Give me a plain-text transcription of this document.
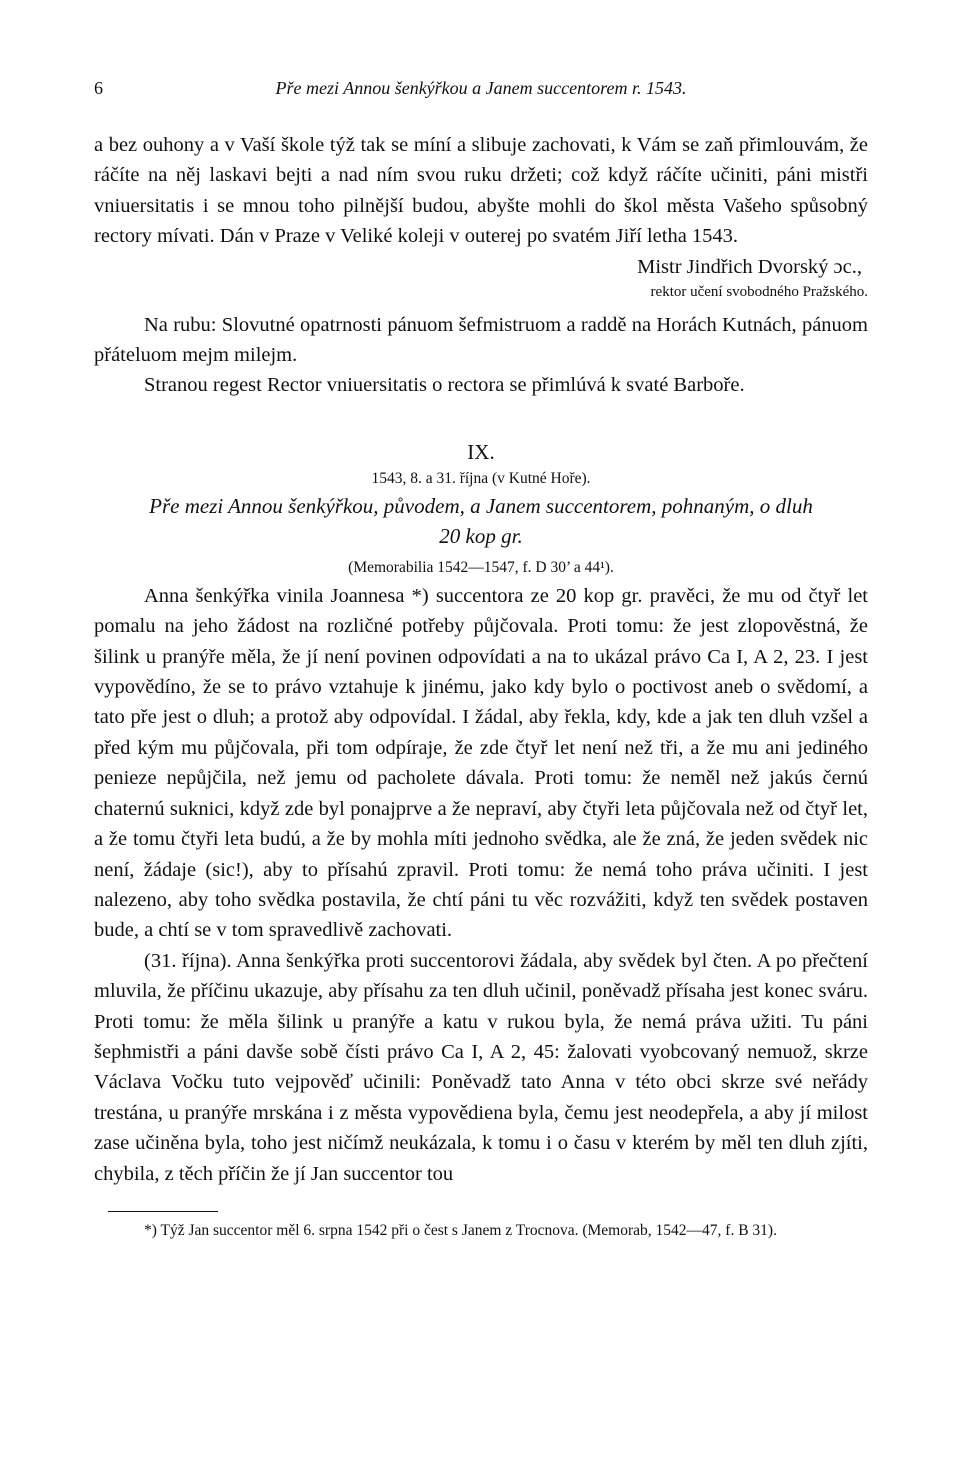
6	Pře mezi Annou šenkýřkou a Janem succentorem r. 1543.

a bez ouhony a v Vaší škole týž tak se míní a slibuje zachovati, k Vám se zaň přimlouvám, že ráčíte na něj laskavi bejti a nad ním svou ruku držeti; což když ráčíte učiniti, páni mistři vniuersitatis i se mnou toho pilnější budou, abyšte mohli do škol města Vašeho spůsobný rectory mívati. Dán v Praze v Veliké koleji v outerej po svatém Jiří letha 1543.

Mistr Jindřich Dvorský ɔc.,
rektor učení svobodného Pražského.

Na rubu: Slovutné opatrnosti pánuom šefmistruom a raddě na Horách Kutnách, pánuom přáteluom mejm milejm.

Stranou regest Rector vniuersitatis o rectora se přimlúvá k svaté Barboře.

IX.
1543, 8. a 31. října (v Kutné Hoře).
Pře mezi Annou šenkýřkou, původem, a Janem succentorem, pohnaným, o dluh
20 kop gr.
(Memorabilia 1542—1547, f. D 30’ a 44¹).

Anna šenkýřka vinila Joannesa *) succentora ze 20 kop gr. pravěci, že mu od čtyř let pomalu na jeho žádost na rozličné potřeby půjčovala. Proti tomu: že jest zlopověstná, že šilink u pranýře měla, že jí není povinen odpovídati a na to ukázal právo Ca I, A 2, 23. I jest vypovědíno, že se to právo vztahuje k jinému, jako kdy bylo o poctivost aneb o svědomí, a tato pře jest o dluh; a protož aby odpovídal. I žádal, aby řekla, kdy, kde a jak ten dluh vzšel a před kým mu půjčovala, při tom odpíraje, že zde čtyř let není než tři, a že mu ani jediného penieze nepůjčila, než jemu od pacholete dávala. Proti tomu: že neměl než jakús černú chaternú suknici, když zde byl ponajprve a že nepraví, aby čtyři leta půjčovala než od čtyř let, a že tomu čtyři leta budú, a že by mohla míti jednoho svědka, ale že zná, že jeden svědek nic není, žádaje (sic!), aby to přísahú zpravil. Proti tomu: že nemá toho práva učiniti. I jest nalezeno, aby toho svědka postavila, že chtí páni tu věc rozvážiti, když ten svědek postaven bude, a chtí se v tom spravedlivě zachovati.

(31. října). Anna šenkýřka proti succentorovi žádala, aby svědek byl čten. A po přečtení mluvila, že příčinu ukazuje, aby přísahu za ten dluh učinil, poněvadž přísaha jest konec sváru. Proti tomu: že měla šilink u pranýře a katu v rukou byla, že nemá práva užiti. Tu páni šephmistři a páni davše sobě čísti právo Ca I, A 2, 45: žalovati vyobcovaný nemuož, skrze Václava Vočku tuto vejpověď učinili: Poněvadž tato Anna v této obci skrze své neřády trestána, u pranýře mrskána i z města vypovědiena byla, čemu jest neodepřela, a aby jí milost zase učiněna byla, toho jest ničímž neukázala, k tomu i o času v kterém by měl ten dluh zjíti, chybila, z těch příčin že jí Jan succentor tou

*) Týž Jan succentor měl 6. srpna 1542 při o čest s Janem z Trocnova. (Memorab, 1542—47, f. B 31).
